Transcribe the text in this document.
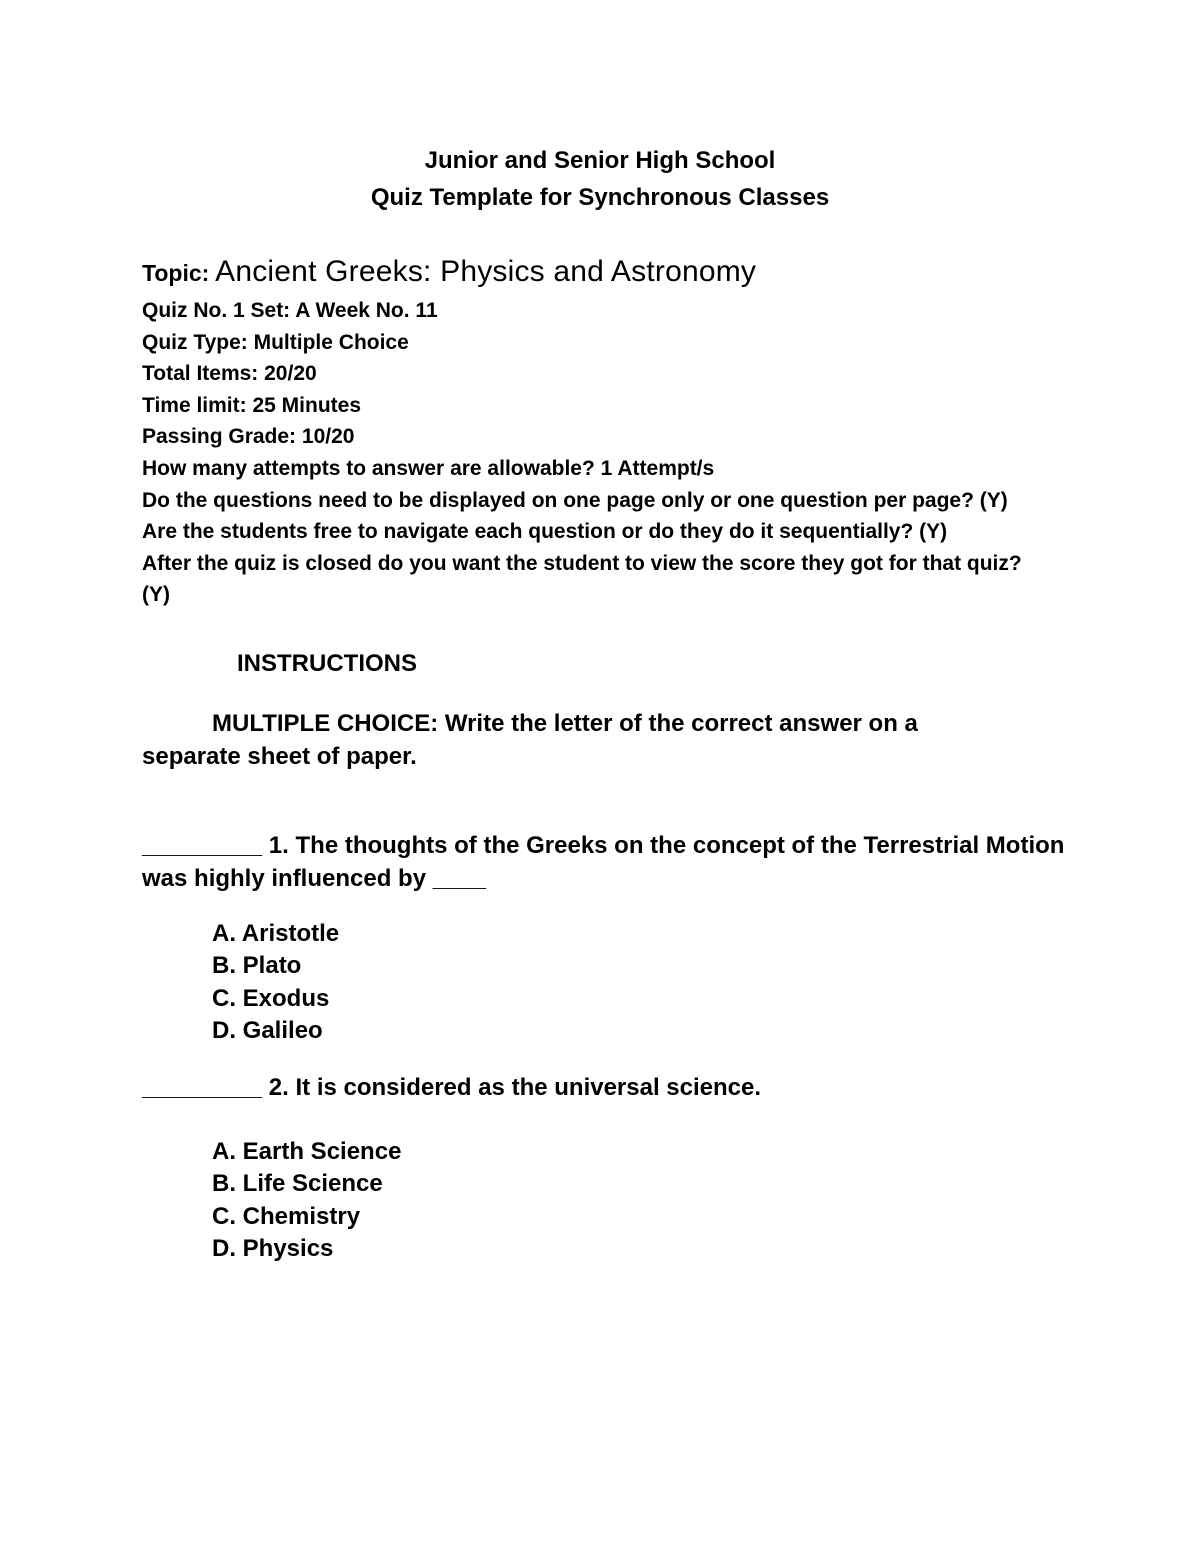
Junior and Senior High School
Quiz Template for Synchronous Classes
Topic: Ancient Greeks: Physics and Astronomy
Quiz No. 1 Set: A Week No. 11
Quiz Type: Multiple Choice
Total Items: 20/20
Time limit: 25 Minutes
Passing Grade: 10/20
How many attempts to answer are allowable? 1 Attempt/s
Do the questions need to be displayed on one page only or one question per page? (Y)
Are the students free to navigate each question or do they do it sequentially? (Y)
After the quiz is closed do you want the student to view the score they got for that quiz? (Y)
INSTRUCTIONS
MULTIPLE CHOICE: Write the letter of the correct answer on a separate sheet of paper.
_________ 1. The thoughts of the Greeks on the concept of the Terrestrial Motion was highly influenced by ____
A. Aristotle
B. Plato
C. Exodus
D. Galileo
_________ 2. It is considered as the universal science.
A. Earth Science
B. Life Science
C. Chemistry
D. Physics
